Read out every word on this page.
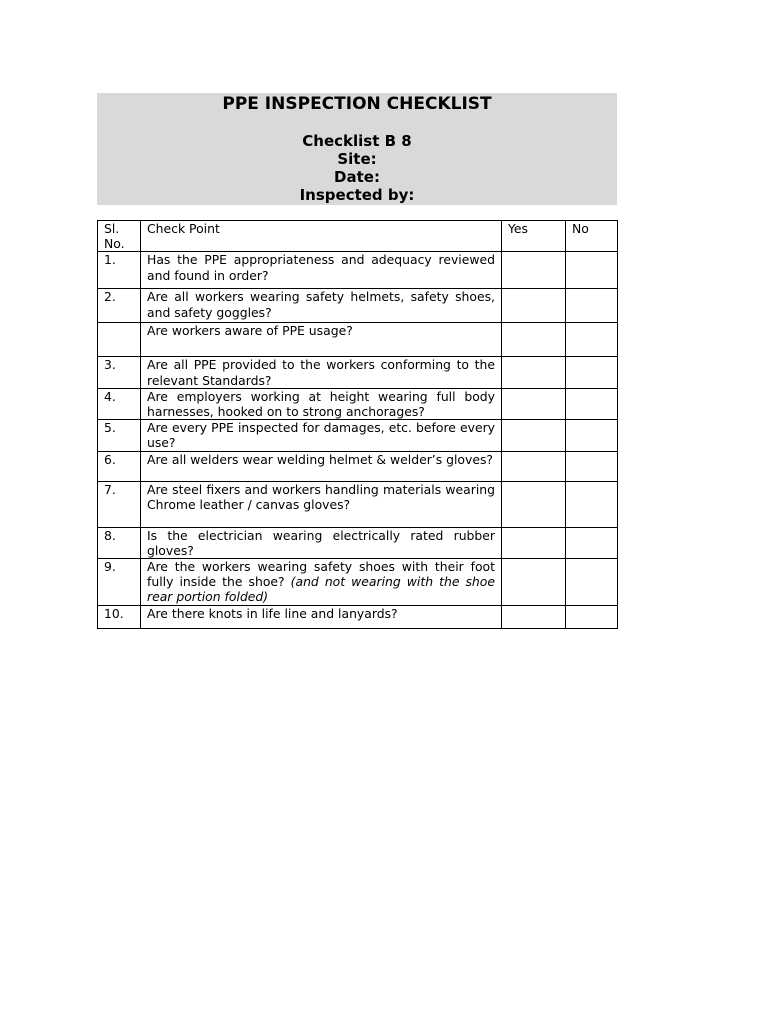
PPE INSPECTION CHECKLIST
Checklist B 8
Site:
Date:
Inspected by:
Sl. No.	Check Point	Yes	No
1.	Has the PPE appropriateness and adequacy reviewed and found in order?		
2.	Are all workers wearing safety helmets, safety shoes, and safety goggles?		
	Are workers aware of PPE usage?		
3.	Are all PPE provided to the workers conforming to the relevant Standards?		
4.	Are employers working at height wearing full body harnesses, hooked on to strong anchorages?		
5.	Are every PPE inspected for damages, etc. before every use?		
6.	Are all welders wear welding helmet & welder’s gloves?		
7.	Are steel fixers and workers handling materials wearing Chrome leather / canvas gloves?		
8.	Is the electrician wearing electrically rated rubber gloves?		
9.	Are the workers wearing safety shoes with their foot fully inside the shoe? (and not wearing with the shoe rear portion folded)		
10.	Are there knots in life line and lanyards?		
